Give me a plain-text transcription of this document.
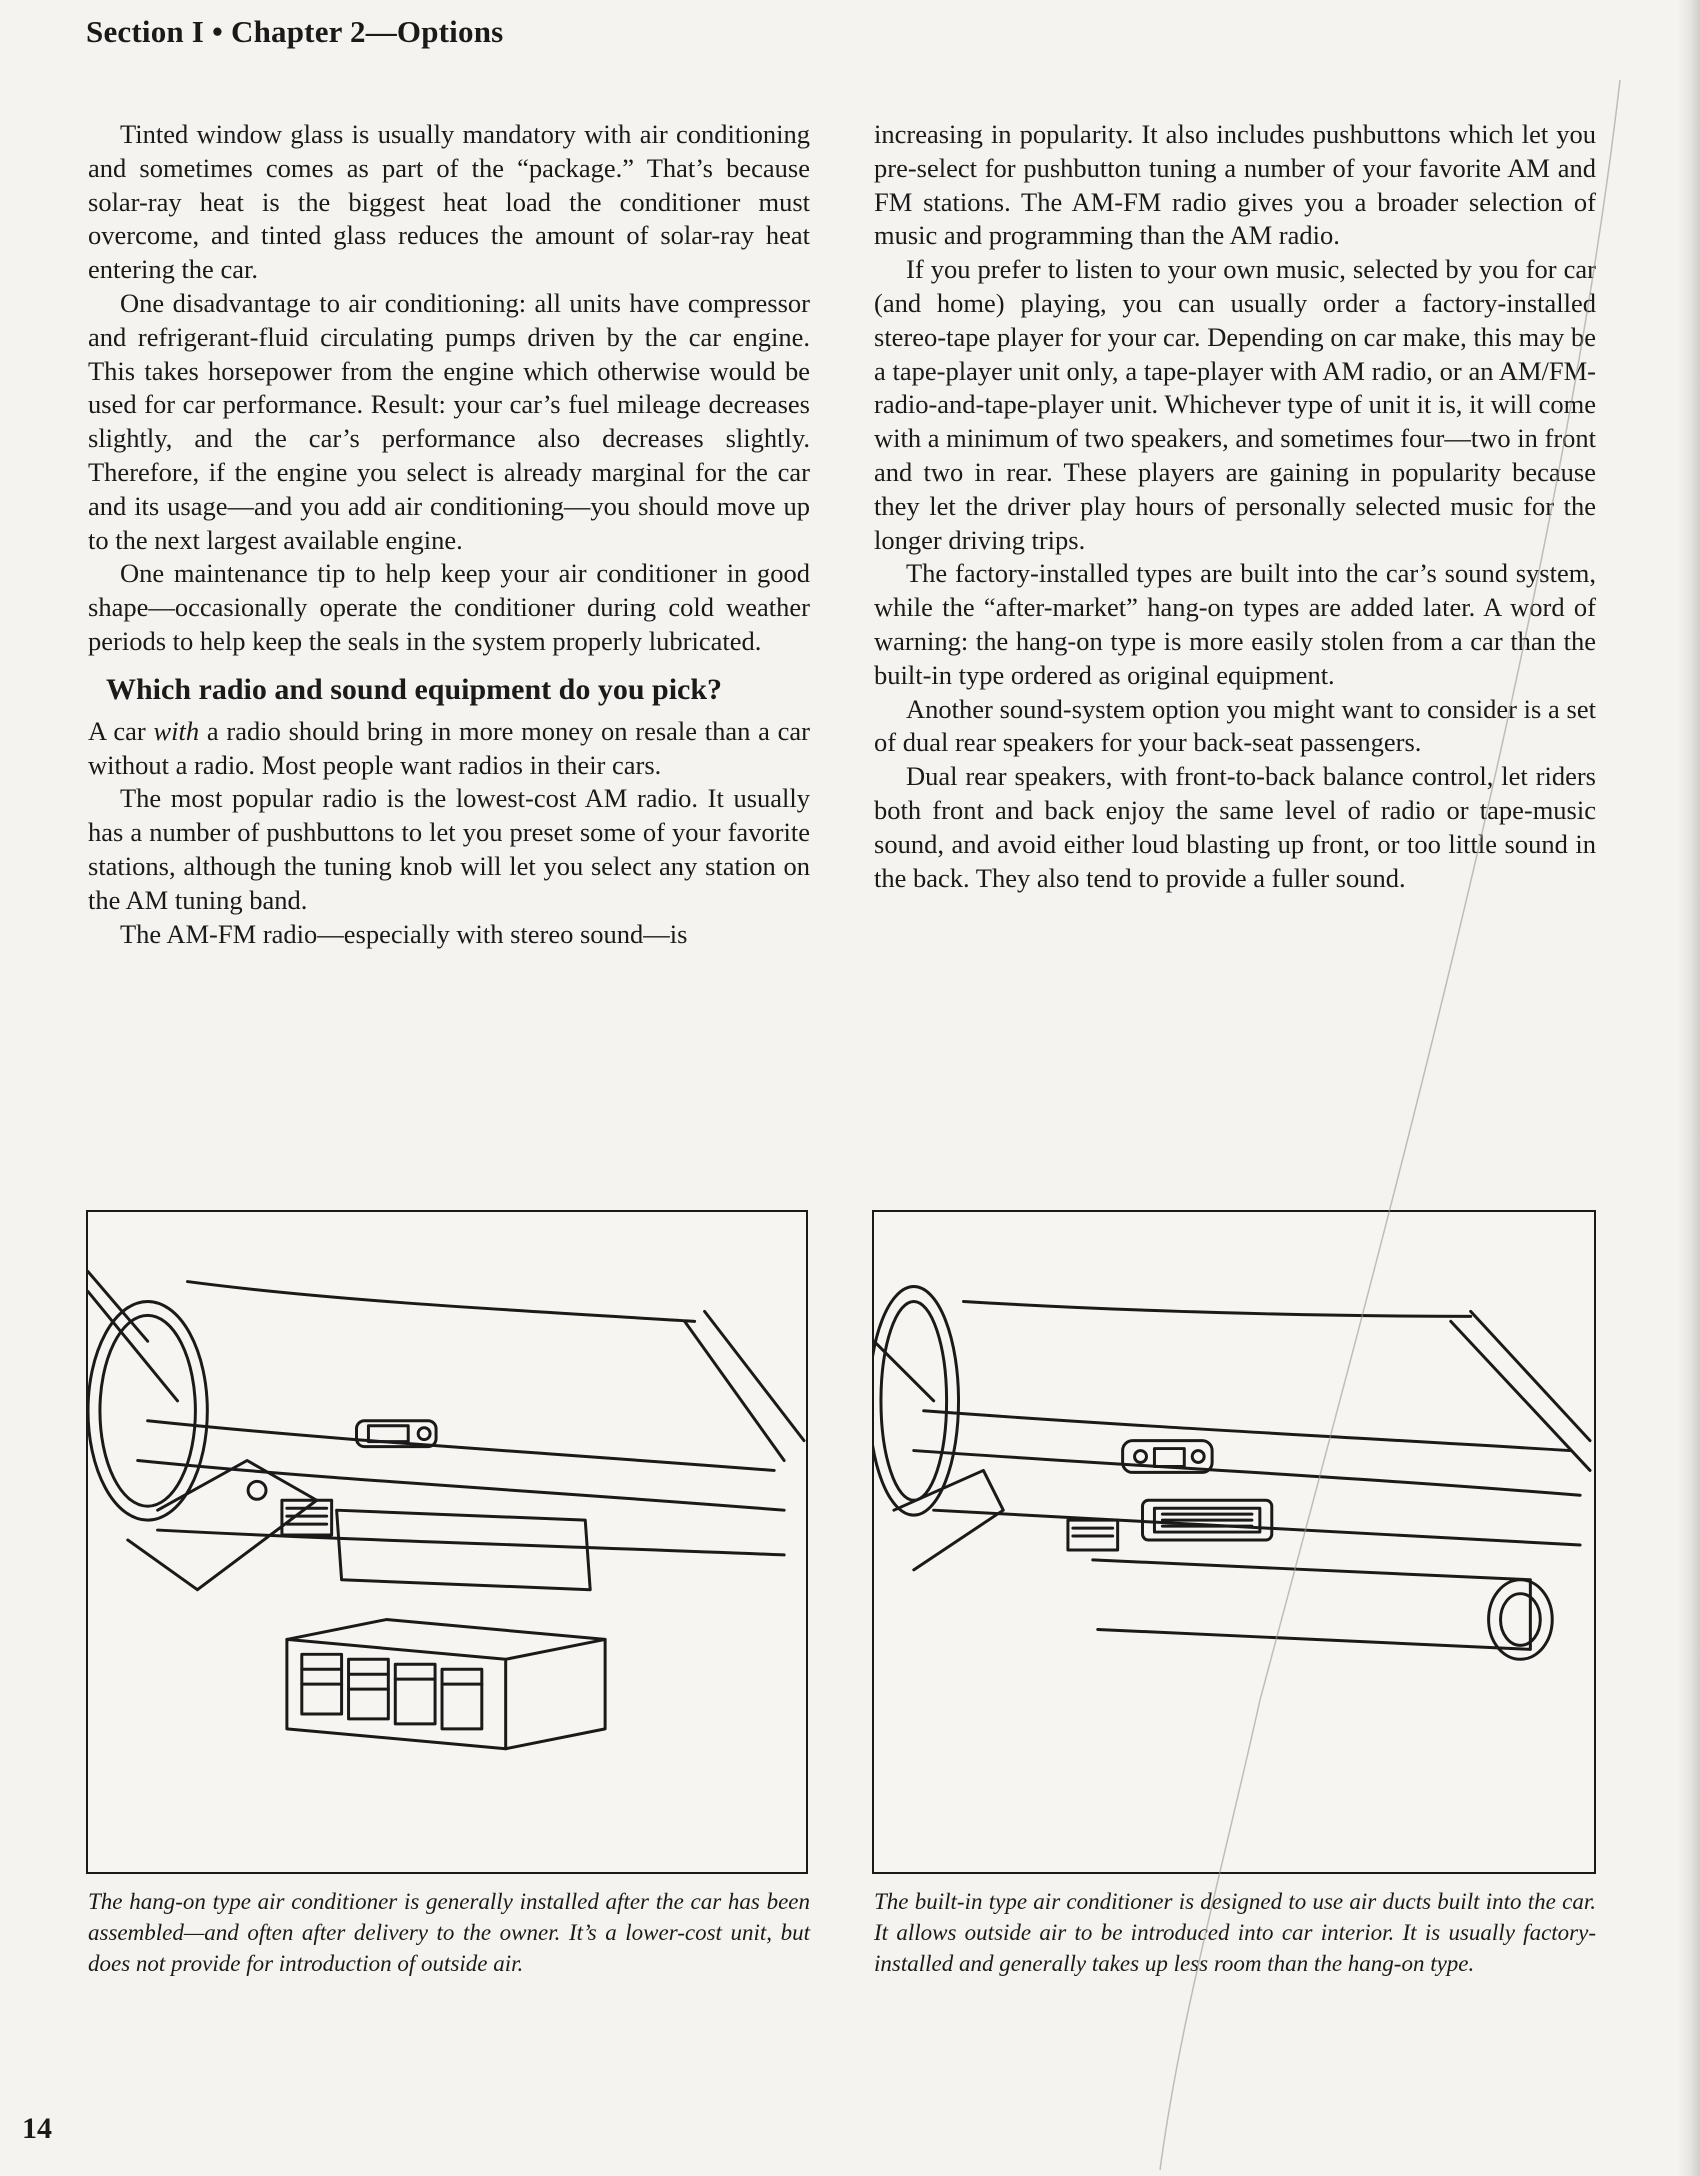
Section I • Chapter 2—Options

Tinted window glass is usually mandatory with air conditioning and sometimes comes as part of the “package.” That’s because solar-ray heat is the biggest heat load the conditioner must overcome, and tinted glass reduces the amount of solar-ray heat entering the car.

One disadvantage to air conditioning: all units have compressor and refrigerant-fluid circulating pumps driven by the car engine. This takes horsepower from the engine which otherwise would be used for car performance. Result: your car’s fuel mileage decreases slightly, and the car’s performance also decreases slightly. Therefore, if the engine you select is already marginal for the car and its usage—and you add air conditioning—you should move up to the next largest available engine.

One maintenance tip to help keep your air conditioner in good shape—occasionally operate the conditioner during cold weather periods to help keep the seals in the system properly lubricated.

Which radio and sound equipment do you pick?

A car with a radio should bring in more money on resale than a car without a radio. Most people want radios in their cars.

The most popular radio is the lowest-cost AM radio. It usually has a number of pushbuttons to let you preset some of your favorite stations, although the tuning knob will let you select any station on the AM tuning band.

The AM-FM radio—especially with stereo sound—is

increasing in popularity. It also includes pushbuttons which let you pre-select for pushbutton tuning a number of your favorite AM and FM stations. The AM-FM radio gives you a broader selection of music and programming than the AM radio.

If you prefer to listen to your own music, selected by you for car (and home) playing, you can usually order a factory-installed stereo-tape player for your car. Depending on car make, this may be a tape-player unit only, a tape-player with AM radio, or an AM/FM-radio-and-tape-player unit. Whichever type of unit it is, it will come with a minimum of two speakers, and sometimes four—two in front and two in rear. These players are gaining in popularity because they let the driver play hours of personally selected music for the longer driving trips.

The factory-installed types are built into the car’s sound system, while the “after-market” hang-on types are added later. A word of warning: the hang-on type is more easily stolen from a car than the built-in type ordered as original equipment.

Another sound-system option you might want to consider is a set of dual rear speakers for your back-seat passengers.

Dual rear speakers, with front-to-back balance control, let riders both front and back enjoy the same level of radio or tape-music sound, and avoid either loud blasting up front, or too little sound in the back. They also tend to provide a fuller sound.

The hang-on type air conditioner is generally installed after the car has been assembled—and often after delivery to the owner. It’s a lower-cost unit, but does not provide for introduction of outside air.
The built-in type air conditioner is designed to use air ducts built into the car. It allows outside air to be introduced into car interior. It is usually factory-installed and generally takes up less room than the hang-on type.
14
